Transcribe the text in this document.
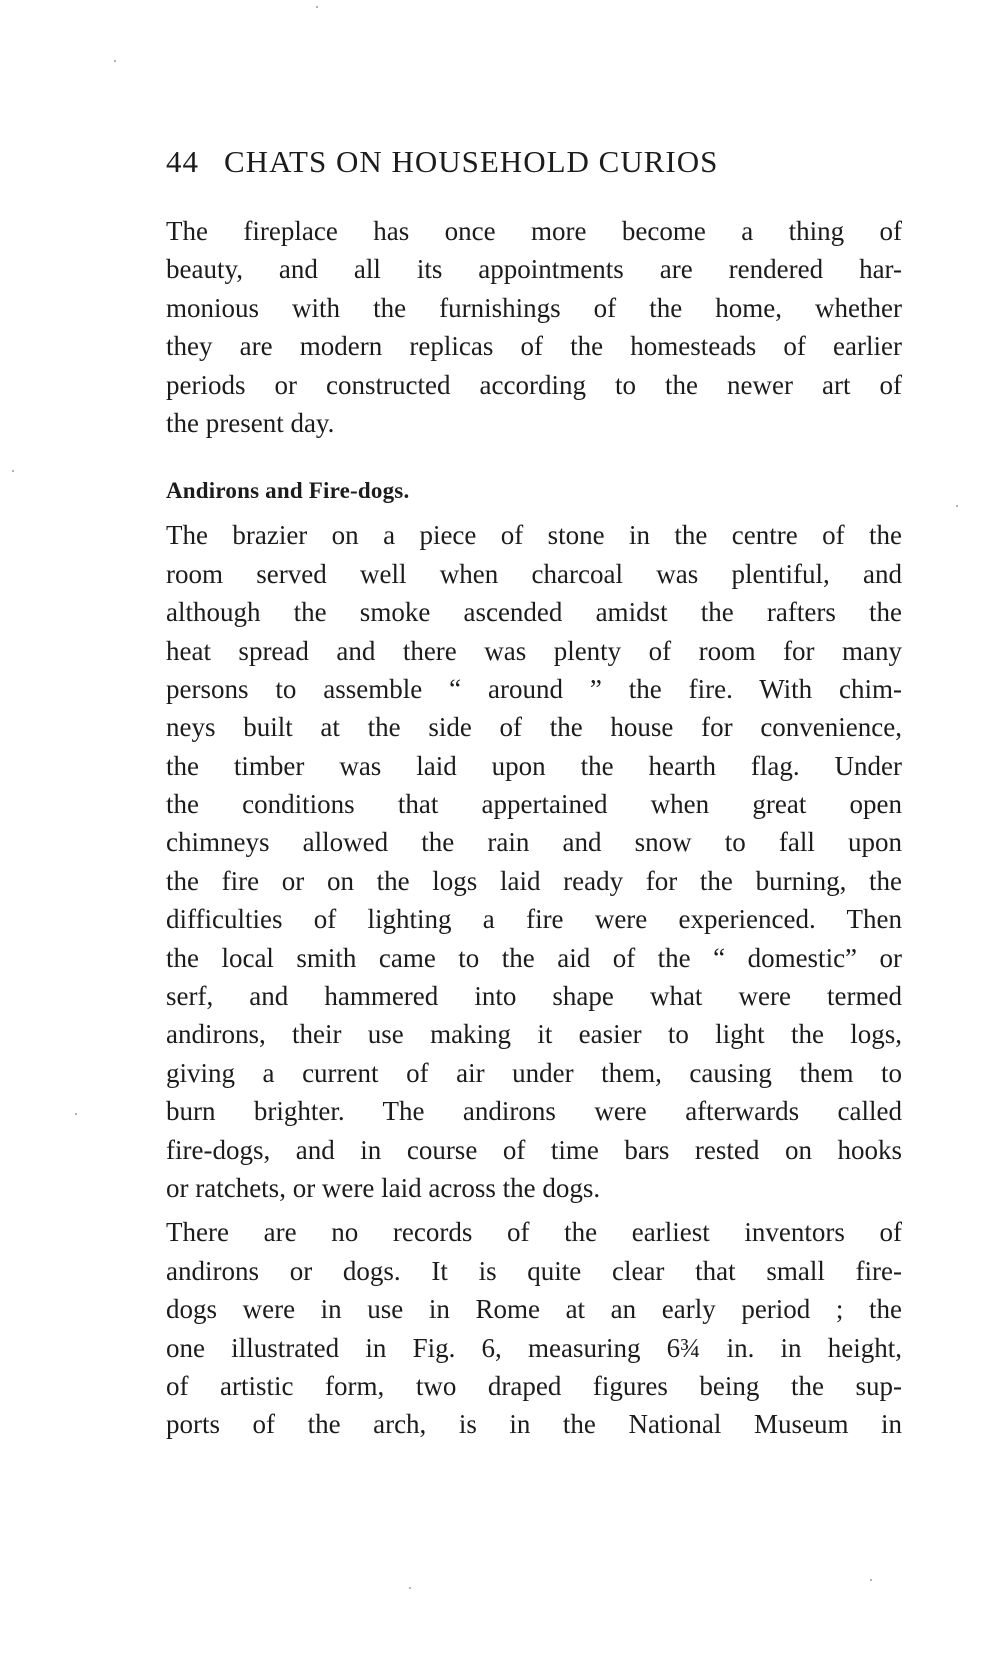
44 CHATS ON HOUSEHOLD CURIOS
The fireplace has once more become a thing of
beauty, and all its appointments are rendered har-
monious with the furnishings of the home, whether
they are modern replicas of the homesteads of earlier
periods or constructed according to the newer art of
the present day.
Andirons and Fire-dogs.
The brazier on a piece of stone in the centre of the
room served well when charcoal was plentiful, and
although the smoke ascended amidst the rafters the
heat spread and there was plenty of room for many
persons to assemble “ around ” the fire. With chim-
neys built at the side of the house for convenience,
the timber was laid upon the hearth flag. Under
the conditions that appertained when great open
chimneys allowed the rain and snow to fall upon
the fire or on the logs laid ready for the burning, the
difficulties of lighting a fire were experienced. Then
the local smith came to the aid of the “ domestic” or
serf, and hammered into shape what were termed
andirons, their use making it easier to light the logs,
giving a current of air under them, causing them to
burn brighter. The andirons were afterwards called
fire-dogs, and in course of time bars rested on hooks
or ratchets, or were laid across the dogs.
There are no records of the earliest inventors of
andirons or dogs. It is quite clear that small fire-
dogs were in use in Rome at an early period ; the
one illustrated in Fig. 6, measuring 6¾ in. in height,
of artistic form, two draped figures being the sup-
ports of the arch, is in the National Museum in
